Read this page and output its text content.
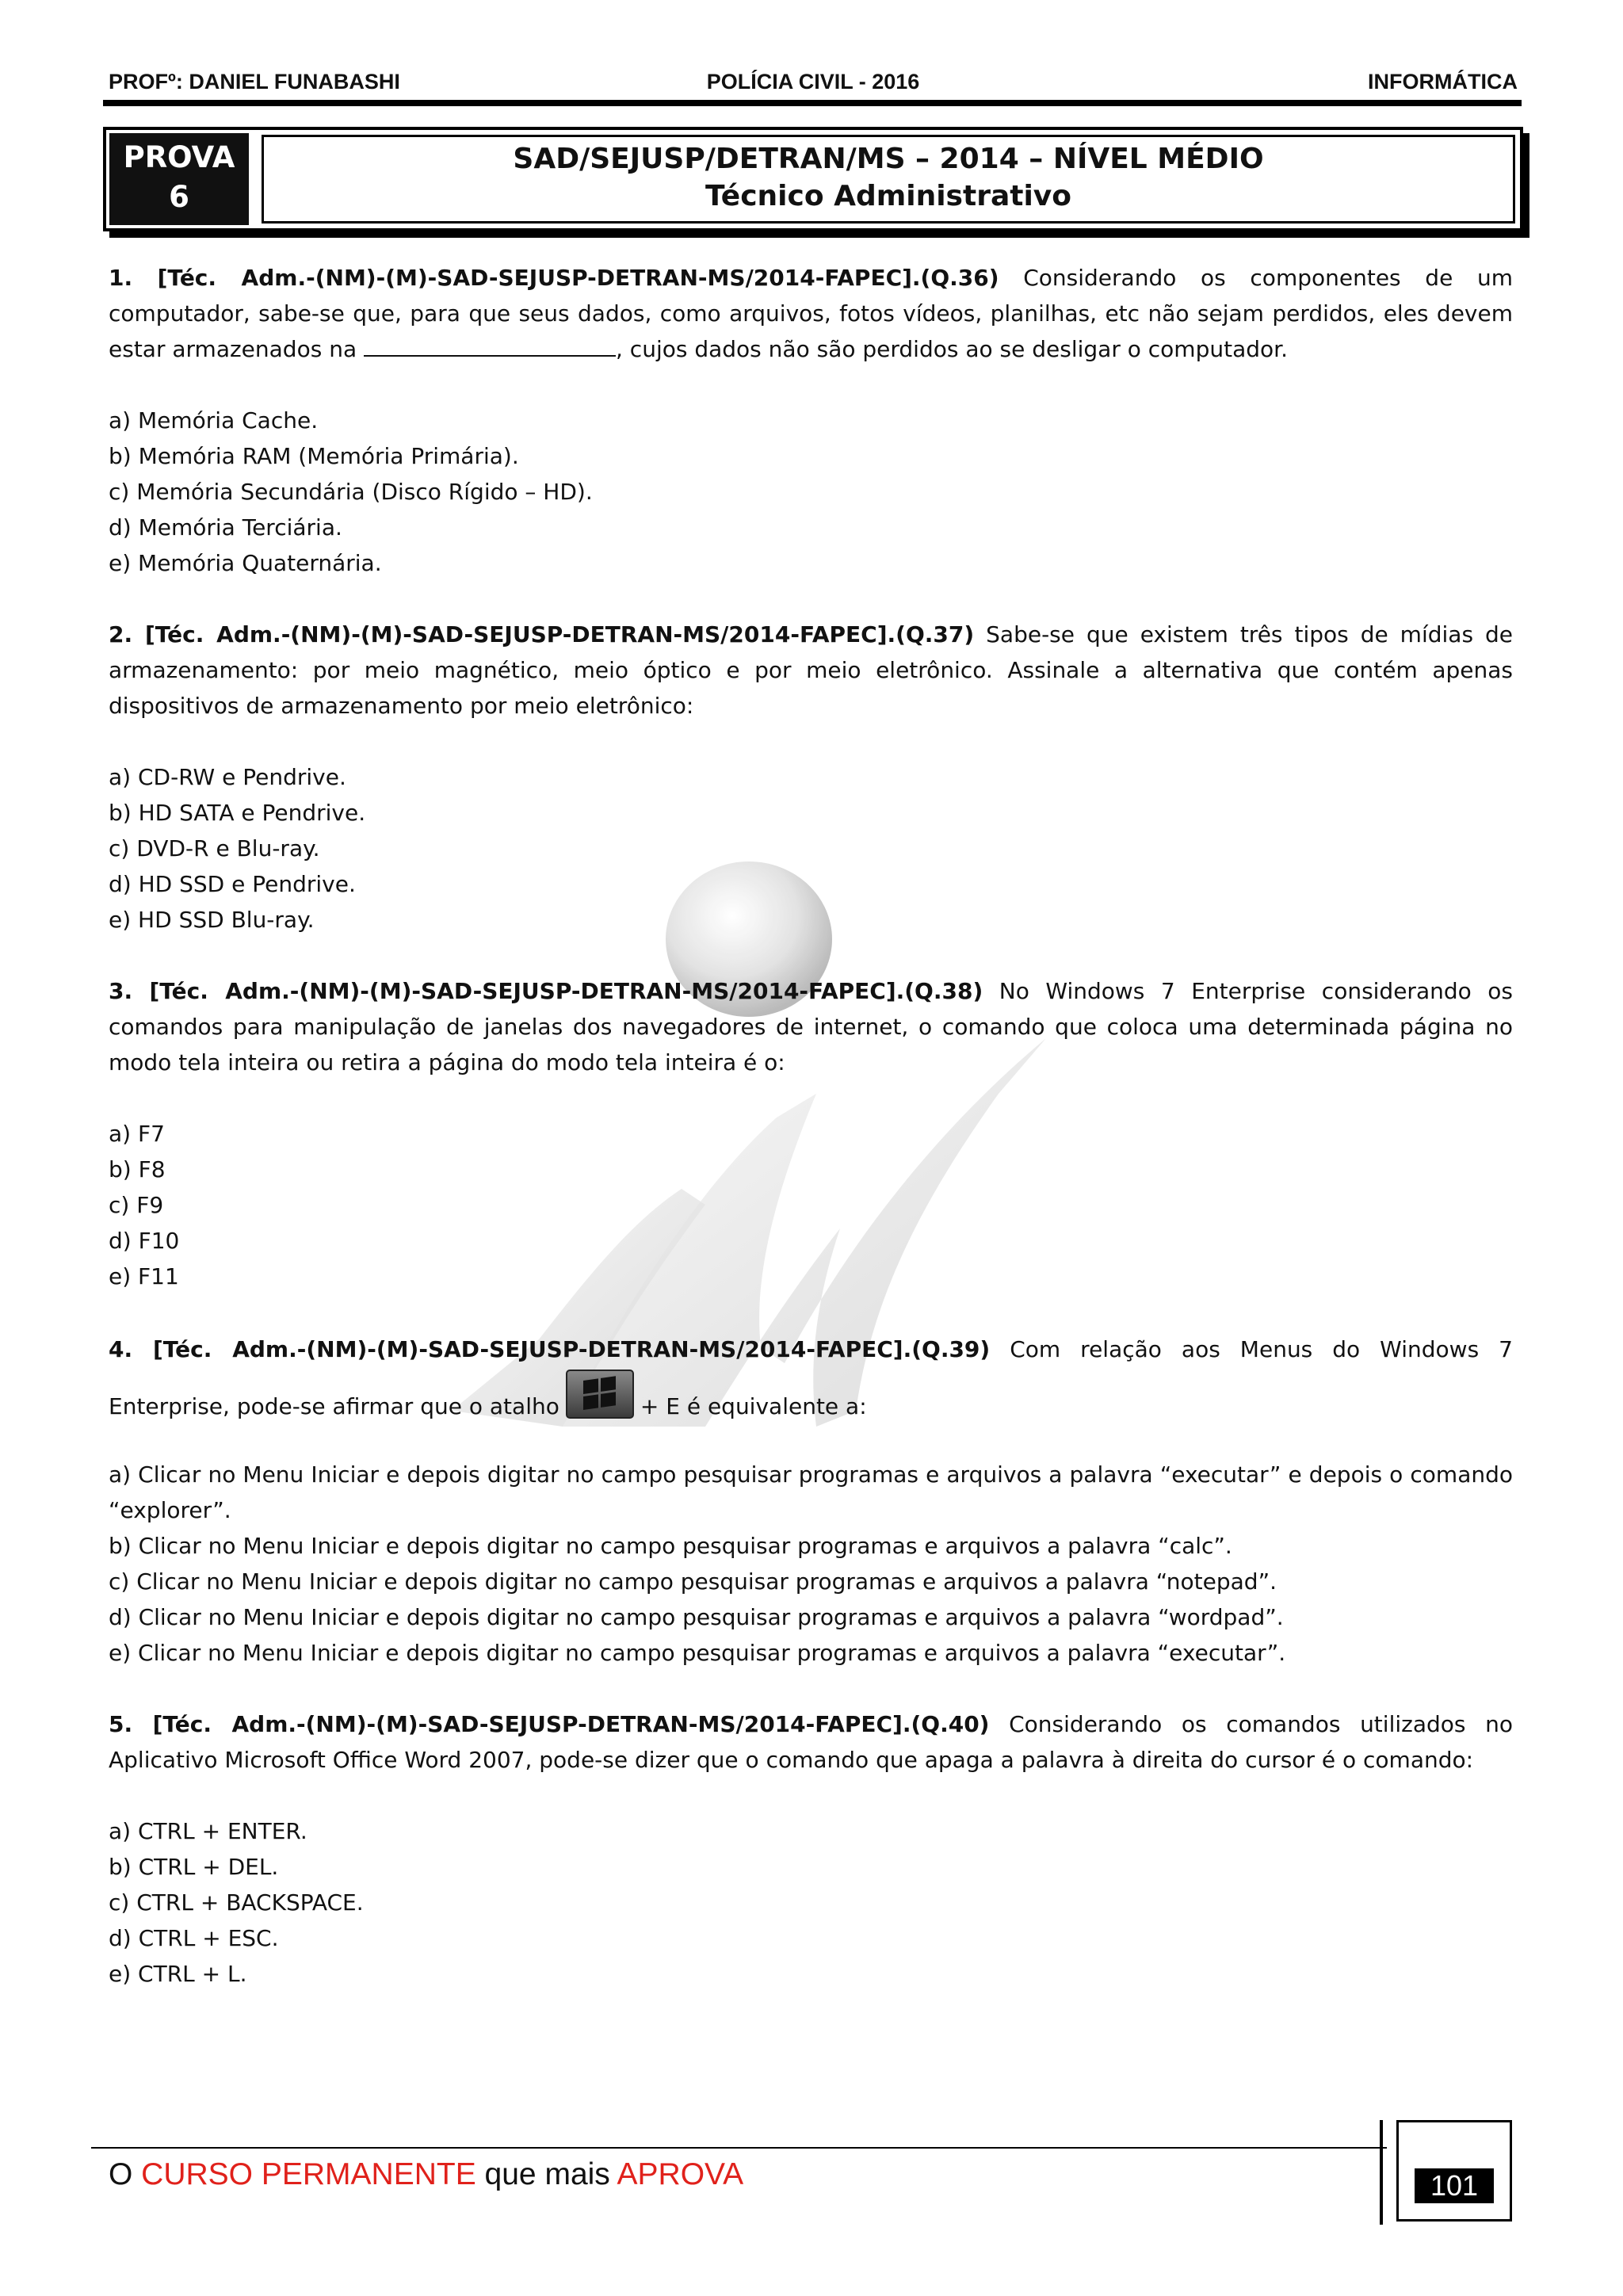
POLÍCIA CIVIL - 2016
PROFº: DANIEL FUNABASHI	INFORMÁTICA
PROVA
6
SAD/SEJUSP/DETRAN/MS – 2014 – NÍVEL MÉDIO
Técnico Administrativo

1. [Téc. Adm.-(NM)-(M)-SAD-SEJUSP-DETRAN-MS/2014-FAPEC].(Q.36) Considerando os componentes de um computador, sabe-se que, para que seus dados, como arquivos, fotos vídeos, planilhas, etc não sejam perdidos, eles devem estar armazenados na	, cujos dados não são perdidos ao se desligar o computador.

a) Memória Cache.
b) Memória RAM (Memória Primária).
c) Memória Secundária (Disco Rígido – HD).
d) Memória Terciária.
e) Memória Quaternária.

2. [Téc. Adm.-(NM)-(M)-SAD-SEJUSP-DETRAN-MS/2014-FAPEC].(Q.37) Sabe-se que existem três tipos de mídias de armazenamento: por meio magnético, meio óptico e por meio eletrônico. Assinale a alternativa que contém apenas dispositivos de armazenamento por meio eletrônico:

a) CD-RW e Pendrive.
b) HD SATA e Pendrive.
c) DVD-R e Blu-ray.
d) HD SSD e Pendrive.
e) HD SSD Blu-ray.

3. [Téc. Adm.-(NM)-(M)-SAD-SEJUSP-DETRAN-MS/2014-FAPEC].(Q.38) No Windows 7 Enterprise considerando os comandos para manipulação de janelas dos navegadores de internet, o comando que coloca uma determinada página no modo tela inteira ou retira a página do modo tela inteira é o:

a) F7
b) F8
c) F9
d) F10
e) F11

4. [Téc. Adm.-(NM)-(M)-SAD-SEJUSP-DETRAN-MS/2014-FAPEC].(Q.39) Com relação aos Menus do Windows 7 Enterprise, pode-se afirmar que o atalho	+ E é equivalente a:

a) Clicar no Menu Iniciar e depois digitar no campo pesquisar programas e arquivos a palavra “executar” e depois o comando “explorer”.
b) Clicar no Menu Iniciar e depois digitar no campo pesquisar programas e arquivos a palavra “calc”.
c) Clicar no Menu Iniciar e depois digitar no campo pesquisar programas e arquivos a palavra “notepad”.
d) Clicar no Menu Iniciar e depois digitar no campo pesquisar programas e arquivos a palavra “wordpad”.
e) Clicar no Menu Iniciar e depois digitar no campo pesquisar programas e arquivos a palavra “executar”.

5. [Téc. Adm.-(NM)-(M)-SAD-SEJUSP-DETRAN-MS/2014-FAPEC].(Q.40) Considerando os comandos utilizados no Aplicativo Microsoft Office Word 2007, pode-se dizer que o comando que apaga a palavra à direita do cursor é o comando:

a) CTRL + ENTER.
b) CTRL + DEL.
c) CTRL + BACKSPACE.
d) CTRL + ESC.
e) CTRL + L.
O CURSO PERMANENTE que mais APROVA	101
